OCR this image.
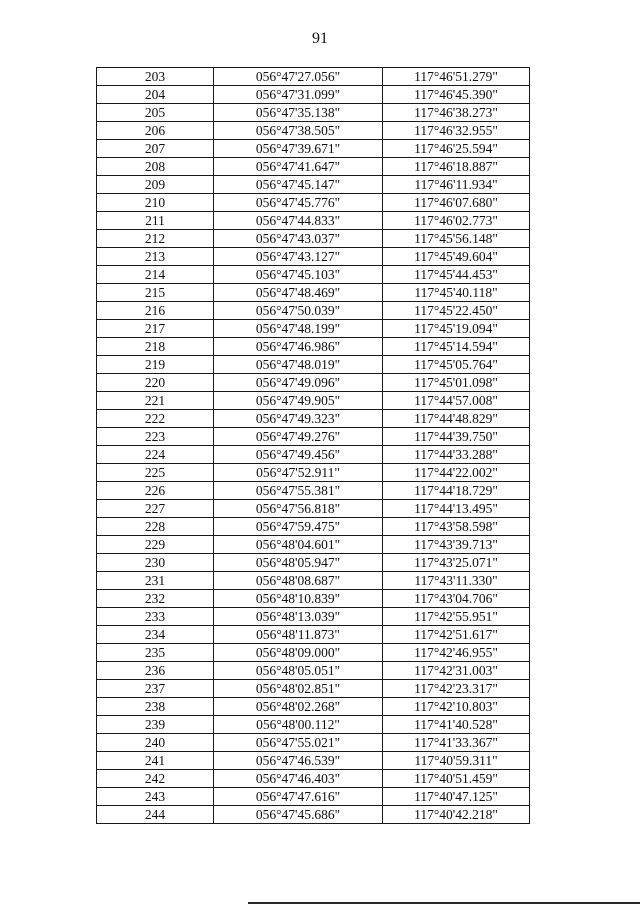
91
203	056°47'27.056"	117°46'51.279"
204	056°47'31.099"	117°46'45.390"
205	056°47'35.138"	117°46'38.273"
206	056°47'38.505"	117°46'32.955"
207	056°47'39.671"	117°46'25.594"
208	056°47'41.647"	117°46'18.887"
209	056°47'45.147"	117°46'11.934"
210	056°47'45.776"	117°46'07.680"
211	056°47'44.833"	117°46'02.773"
212	056°47'43.037"	117°45'56.148"
213	056°47'43.127"	117°45'49.604"
214	056°47'45.103"	117°45'44.453"
215	056°47'48.469"	117°45'40.118"
216	056°47'50.039"	117°45'22.450"
217	056°47'48.199"	117°45'19.094"
218	056°47'46.986"	117°45'14.594"
219	056°47'48.019"	117°45'05.764"
220	056°47'49.096"	117°45'01.098"
221	056°47'49.905"	117°44'57.008"
222	056°47'49.323"	117°44'48.829"
223	056°47'49.276"	117°44'39.750"
224	056°47'49.456"	117°44'33.288"
225	056°47'52.911"	117°44'22.002"
226	056°47'55.381"	117°44'18.729"
227	056°47'56.818"	117°44'13.495"
228	056°47'59.475"	117°43'58.598"
229	056°48'04.601"	117°43'39.713"
230	056°48'05.947"	117°43'25.071"
231	056°48'08.687"	117°43'11.330"
232	056°48'10.839"	117°43'04.706"
233	056°48'13.039"	117°42'55.951"
234	056°48'11.873"	117°42'51.617"
235	056°48'09.000"	117°42'46.955"
236	056°48'05.051"	117°42'31.003"
237	056°48'02.851"	117°42'23.317"
238	056°48'02.268"	117°42'10.803"
239	056°48'00.112"	117°41'40.528"
240	056°47'55.021"	117°41'33.367"
241	056°47'46.539"	117°40'59.311"
242	056°47'46.403"	117°40'51.459"
243	056°47'47.616"	117°40'47.125"
244	056°47'45.686"	117°40'42.218"
